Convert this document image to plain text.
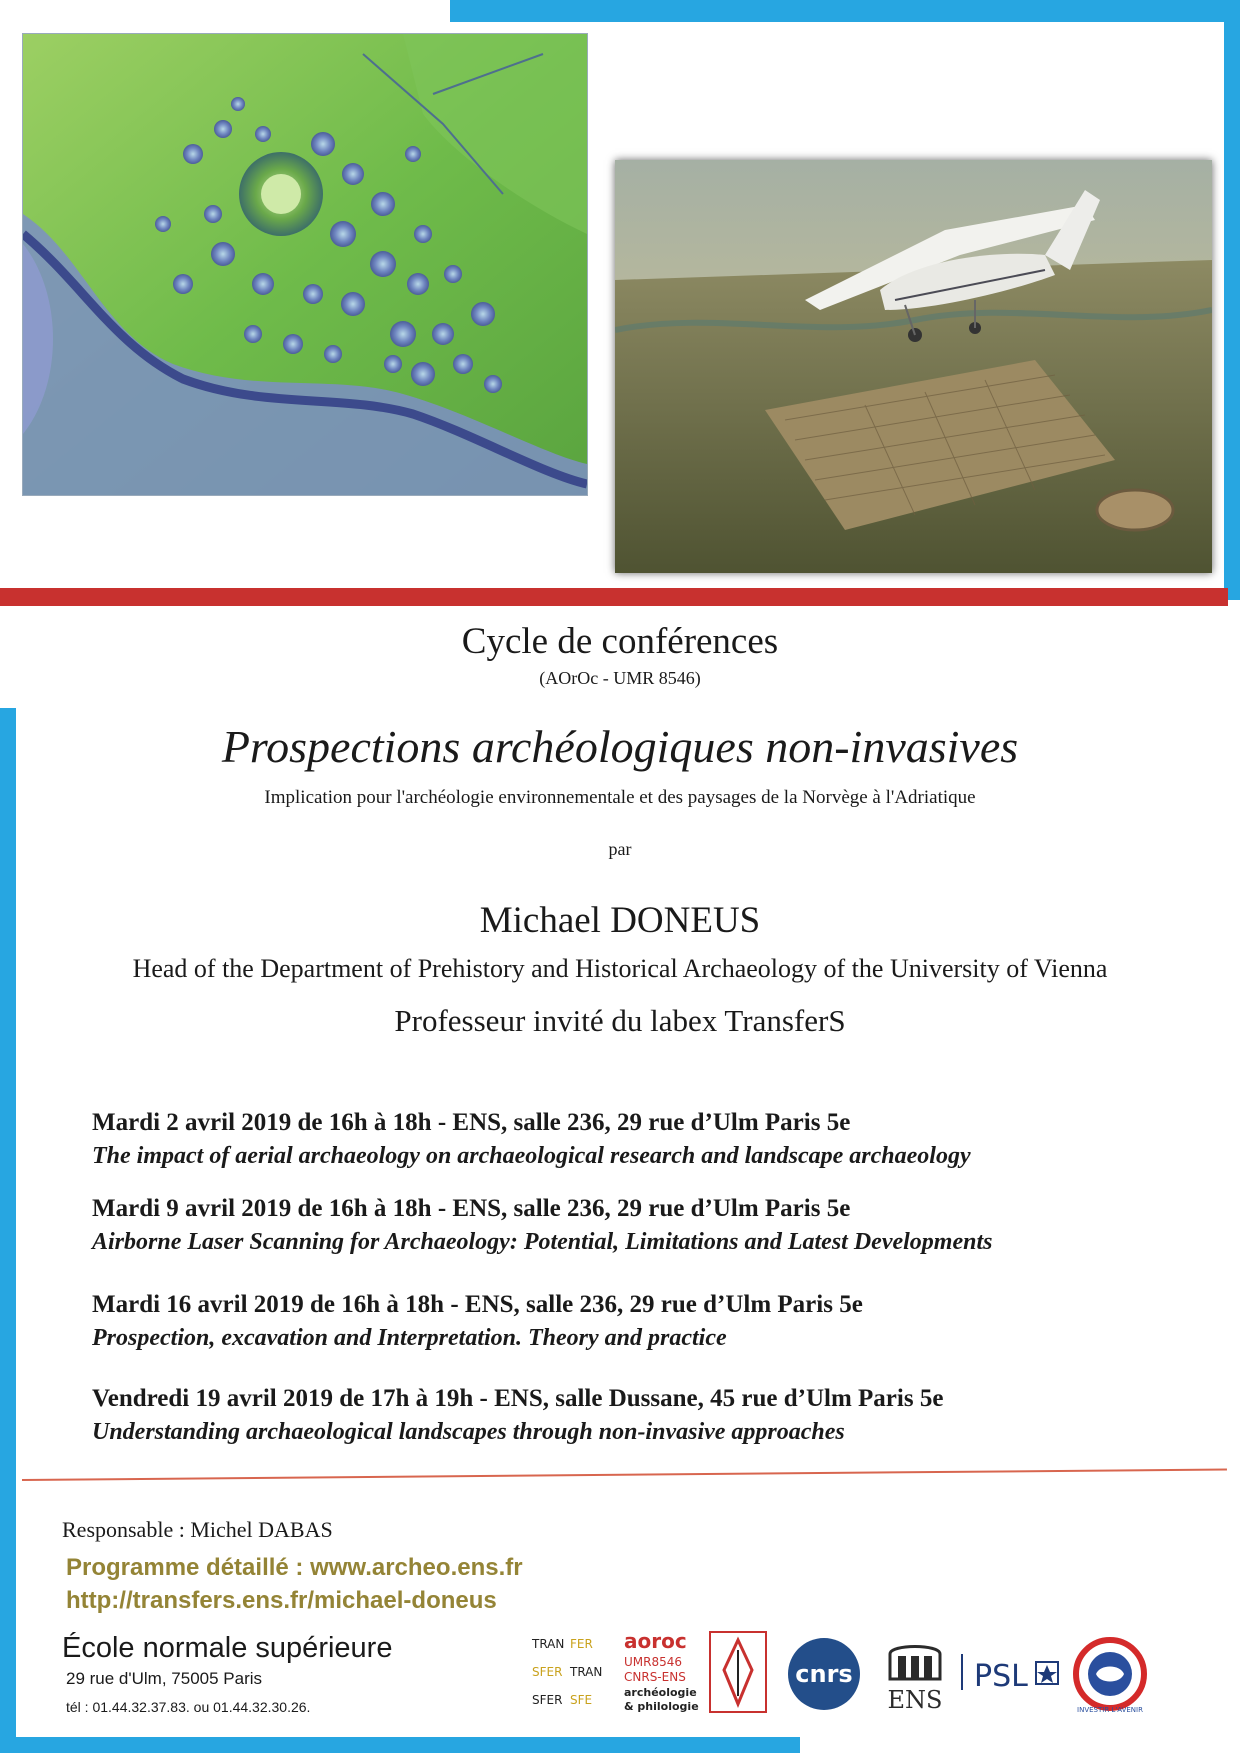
Cycle de conférences
(AOrOc - UMR 8546)
Prospections archéologiques non-invasives
Implication pour l'archéologie environnementale et des paysages de la Norvège à l'Adriatique
par
Michael DONEUS
Head of the Department of Prehistory and Historical Archaeology of the University of Vienna
Professeur invité du labex TransferS
Mardi 2 avril 2019 de 16h à 18h - ENS, salle 236, 29 rue d’Ulm Paris 5e
The impact of aerial archaeology on archaeological research and landscape archaeology
Mardi 9 avril 2019 de 16h à 18h - ENS, salle 236, 29 rue d’Ulm Paris 5e
Airborne Laser Scanning for Archaeology: Potential, Limitations and Latest Developments
Mardi 16 avril 2019 de 16h à 18h - ENS, salle 236, 29 rue d’Ulm Paris 5e
Prospection, excavation and Interpretation. Theory and practice
Vendredi 19 avril 2019 de 17h à 19h - ENS, salle Dussane, 45 rue d’Ulm Paris 5e
Understanding archaeological landscapes through non-invasive approaches
Responsable : Michel DABAS
Programme détaillé : www.archeo.ens.fr
http://transfers.ens.fr/michael-doneus
École normale supérieure
29 rue d'Ulm, 75005 Paris
tél : 01.44.32.37.83. ou 01.44.32.30.26.
TRAN FER
SFER TRAN
SFER SFE
aoroc
UMR8546
CNRS-ENS
archéologie
& philologie
cnrs
ENS
PSL
INVESTIR L'AVENIR
